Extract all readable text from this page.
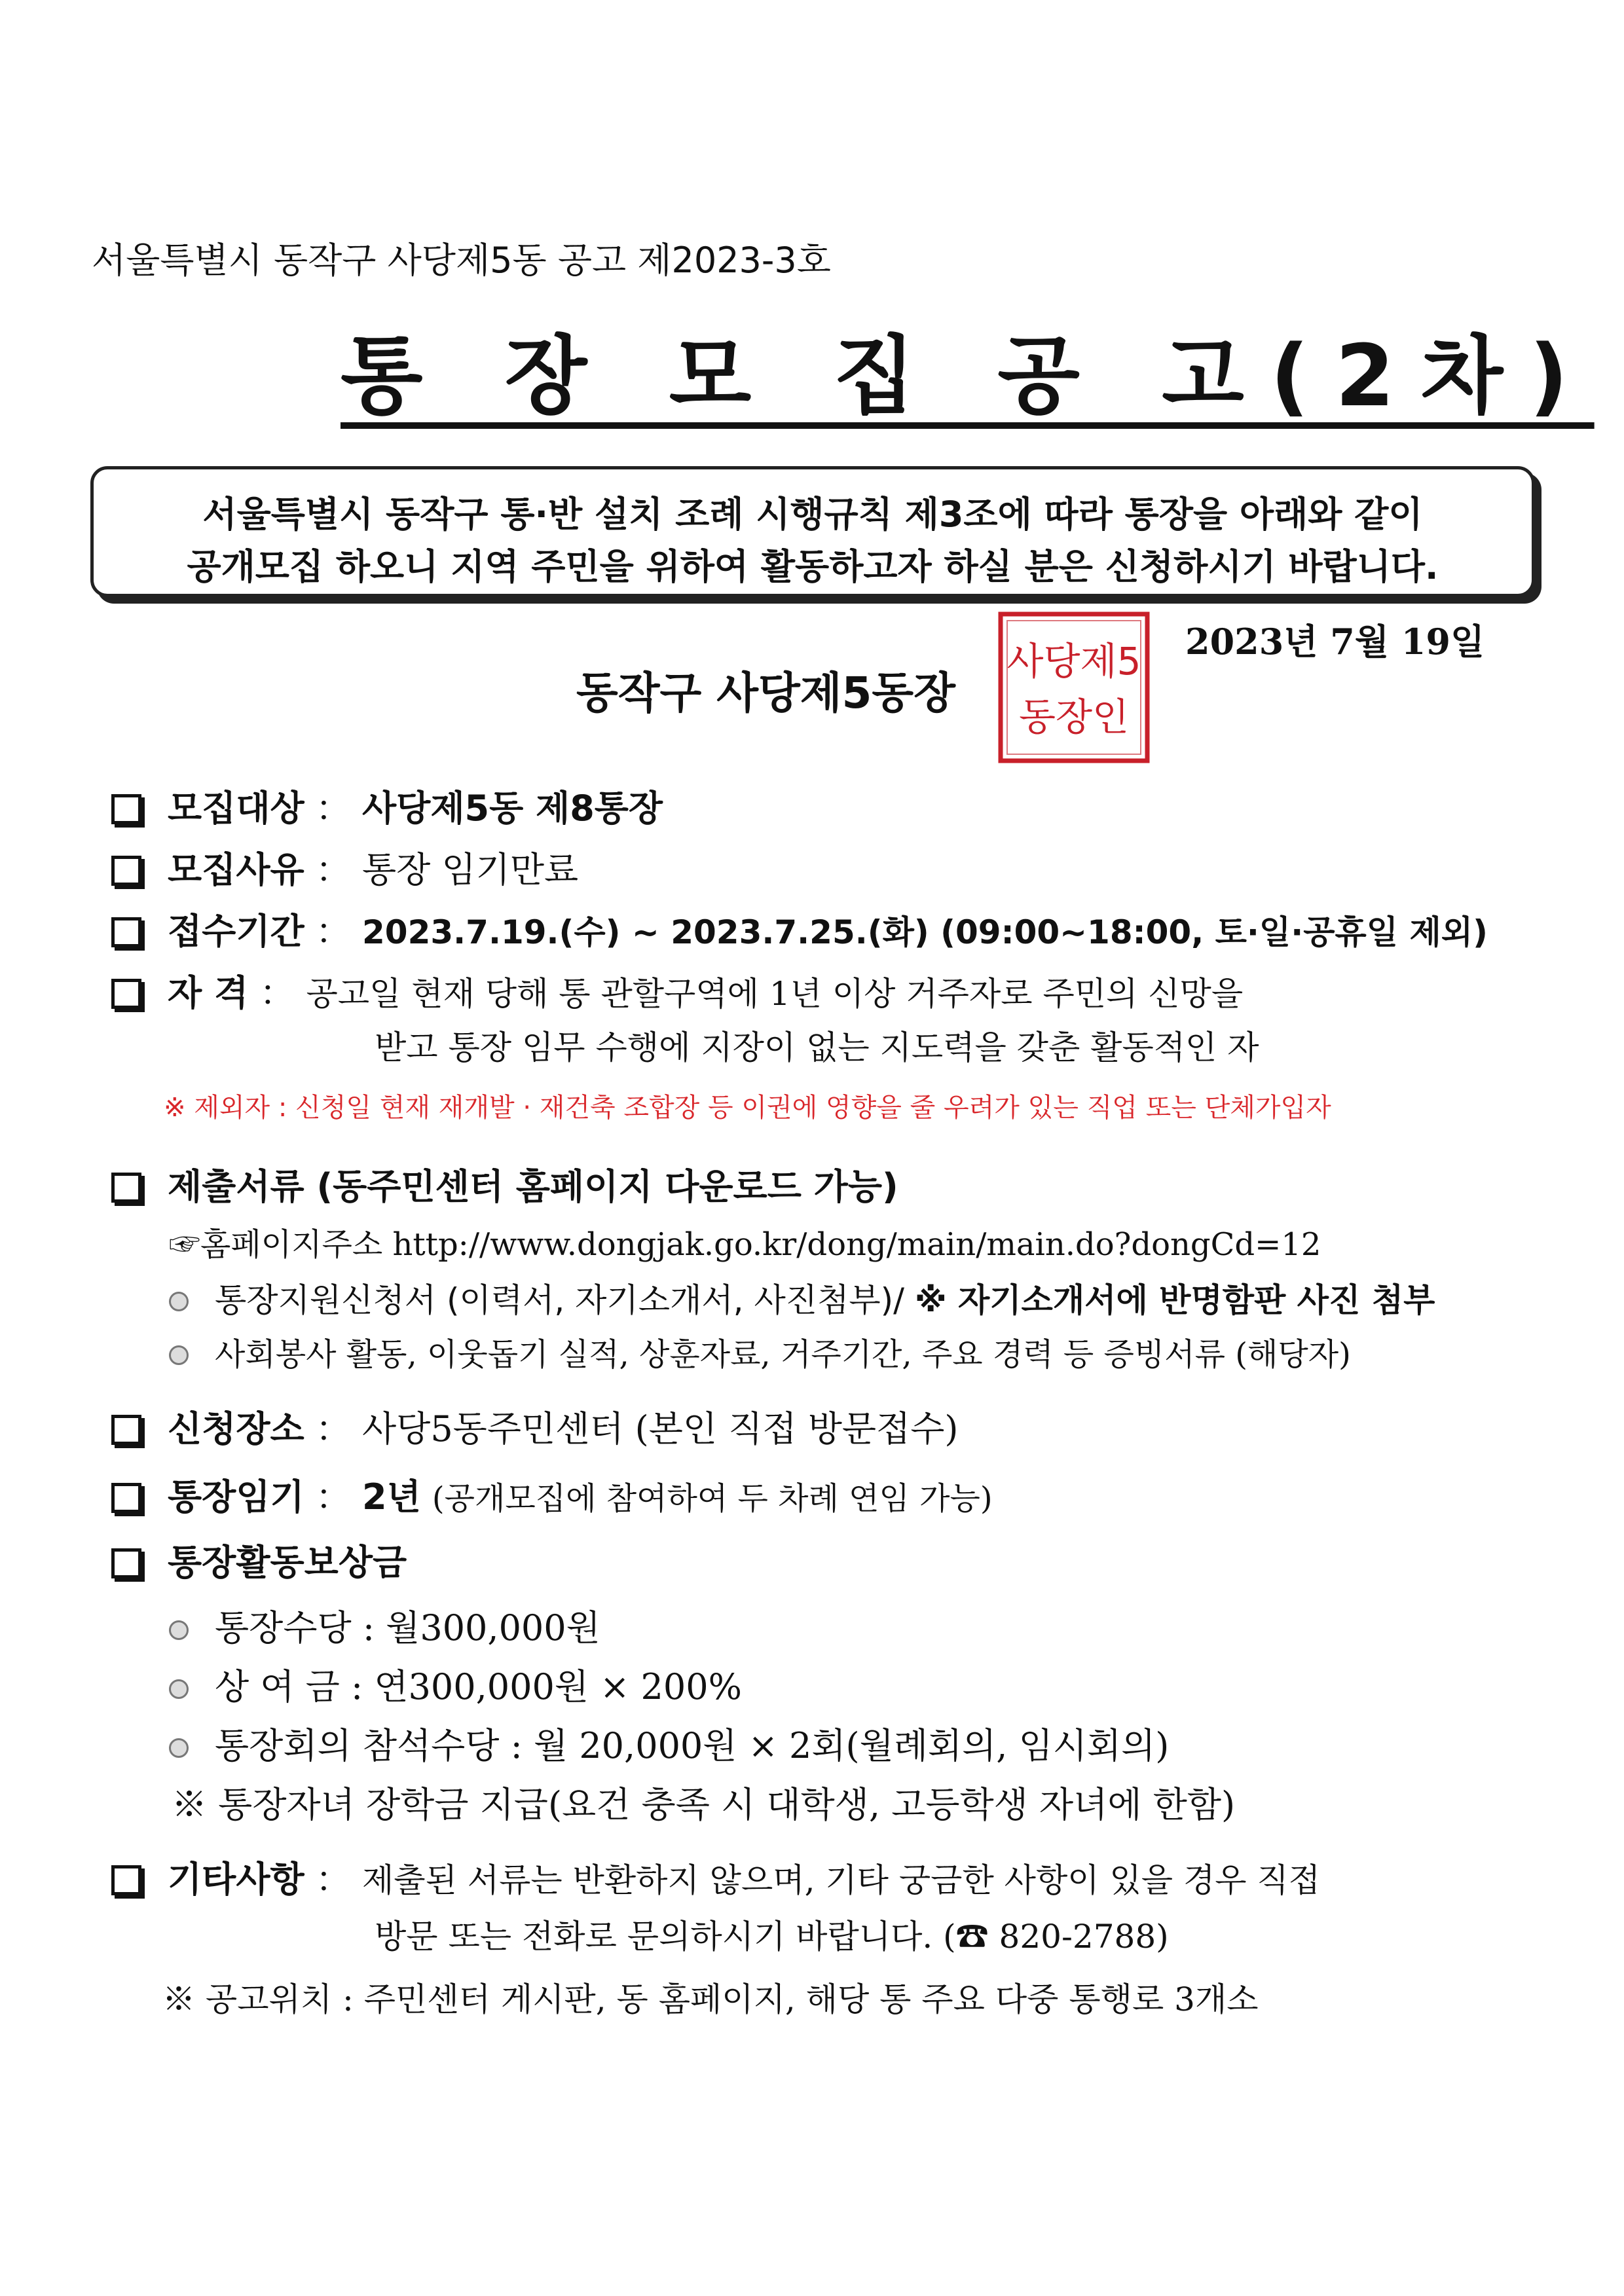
서울특별시 동작구 사당제5동 공고 제2023-3호
통 장 모 집 공 고(2차)
서울특별시 동작구 통·반 설치 조례 시행규칙 제3조에 따라 통장을 아래와 같이
공개모집 하오니 지역 주민을 위하여 활동하고자 하실 분은 신청하시기 바랍니다.
2023년 7월 19일
동작구 사당제5동장
사당제5
동장인
모집대상 ： 사당제5동 제8통장
모집사유 ： 통장 임기만료
접수기간 ： 2023.7.19.(수) ~ 2023.7.25.(화) (09:00~18:00, 토·일·공휴일 제외)
자 격 ： 공고일 현재 당해 통 관할구역에 1년 이상 거주자로 주민의 신망을
받고 통장 임무 수행에 지장이 없는 지도력을 갖춘 활동적인 자
※ 제외자 : 신청일 현재 재개발 · 재건축 조합장 등 이권에 영향을 줄 우려가 있는 직업 또는 단체가입자
제출서류 (동주민센터 홈페이지 다운로드 가능)
☞홈페이지주소 http://www.dongjak.go.kr/dong/main/main.do?dongCd=12
통장지원신청서 (이력서, 자기소개서, 사진첨부)/ ※ 자기소개서에 반명함판 사진 첨부
사회봉사 활동, 이웃돕기 실적, 상훈자료, 거주기간, 주요 경력 등 증빙서류 (해당자)
신청장소 ： 사당5동주민센터 (본인 직접 방문접수)
통장임기 ： 2년 (공개모집에 참여하여 두 차례 연임 가능)
통장활동보상금
통장수당 : 월300,000원
상 여 금 : 연300,000원 × 200%
통장회의 참석수당 : 월 20,000원 × 2회(월례회의, 임시회의)
※ 통장자녀 장학금 지급(요건 충족 시 대학생, 고등학생 자녀에 한함)
기타사항 ： 제출된 서류는 반환하지 않으며, 기타 궁금한 사항이 있을 경우 직접
방문 또는 전화로 문의하시기 바랍니다. (☎ 820-2788)
※ 공고위치 : 주민센터 게시판, 동 홈페이지, 해당 통 주요 다중 통행로 3개소
